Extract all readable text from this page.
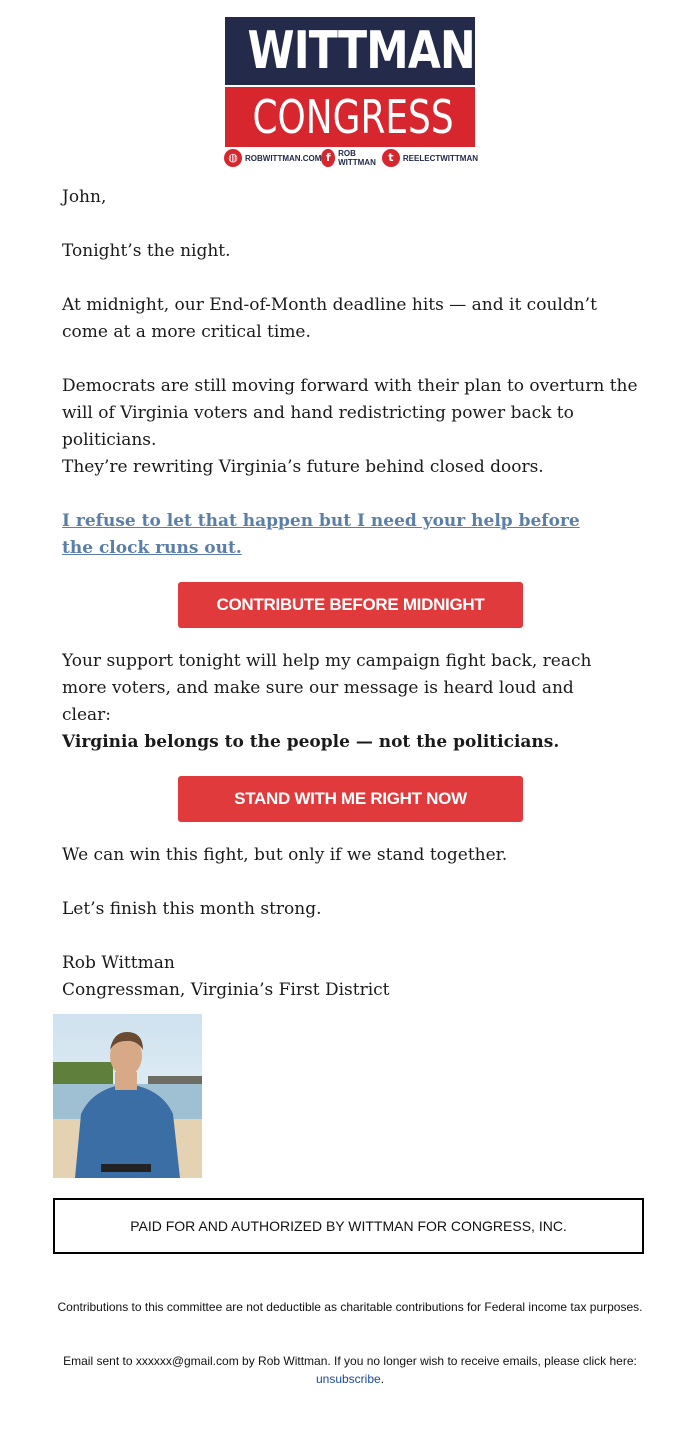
WITTMAN
CONGRESS
◍ ROBWITTMAN.COM f ROB WITTMAN	t	REELECTWITTMAN

John,

Tonight’s the night.

At midnight, our End-of-Month deadline hits — and it couldn’t come at a more critical time.

Democrats are still moving forward with their plan to overturn the will of Virginia voters and hand redistricting power back to politicians.

They’re rewriting Virginia’s future behind closed doors.

I refuse to let that happen but I need your help before the clock runs out.

CONTRIBUTE BEFORE MIDNIGHT

Your support tonight will help my campaign fight back, reach more voters, and make sure our message is heard loud and clear:

Virginia belongs to the people — not the politicians.

STAND WITH ME RIGHT NOW

We can win this fight, but only if we stand together.

Let’s finish this month strong.

Rob Wittman

Congressman, Virginia’s First District

PAID FOR AND AUTHORIZED BY WITTMAN FOR CONGRESS, INC.
Contributions to this committee are not deductible as charitable contributions for Federal income tax purposes.
Email sent to xxxxxx@gmail.com by Rob Wittman. If you no longer wish to receive emails, please click here:
unsubscribe.
